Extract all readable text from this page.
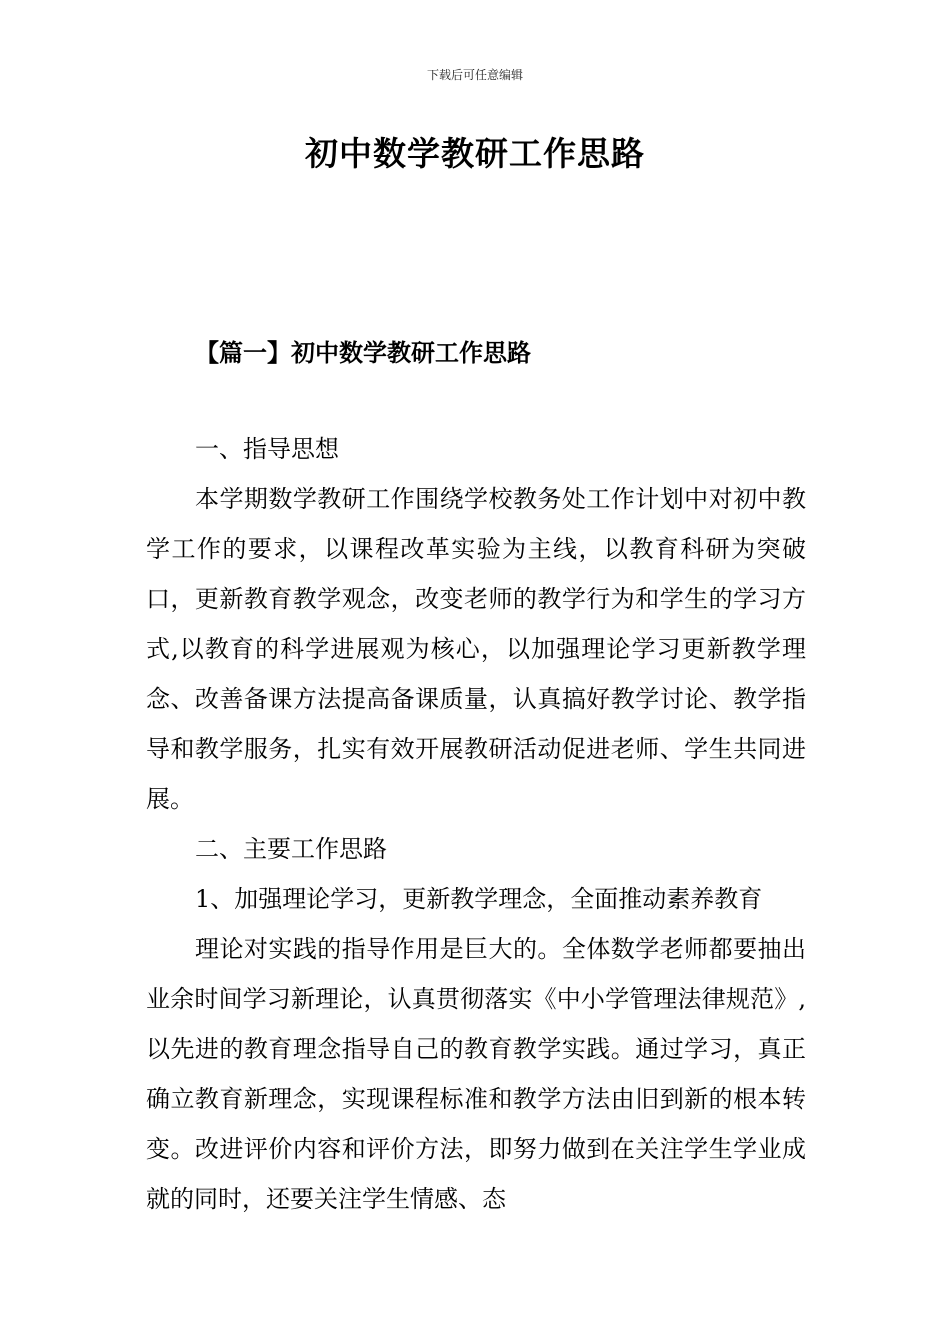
下载后可任意编辑
初中数学教研工作思路
【篇一】初中数学教研工作思路

一、指导思想

本学期数学教研工作围绕学校教务处工作计划中对初中教学工作的要求，以课程改革实验为主线，以教育科研为突破口，更新教育教学观念，改变老师的教学行为和学生的学习方式,以教育的科学进展观为核心，以加强理论学习更新教学理念、改善备课方法提高备课质量，认真搞好教学讨论、教学指导和教学服务，扎实有效开展教研活动促进老师、学生共同进展。

二、主要工作思路

1、加强理论学习，更新教学理念，全面推动素养教育

理论对实践的指导作用是巨大的。全体数学老师都要抽出业余时间学习新理论，认真贯彻落实《中小学管理法律规范》,以先进的教育理念指导自己的教育教学实践。通过学习，真正确立教育新理念，实现课程标准和教学方法由旧到新的根本转变。改进评价内容和评价方法，即努力做到在关注学生学业成就的同时，还要关注学生情感、态
